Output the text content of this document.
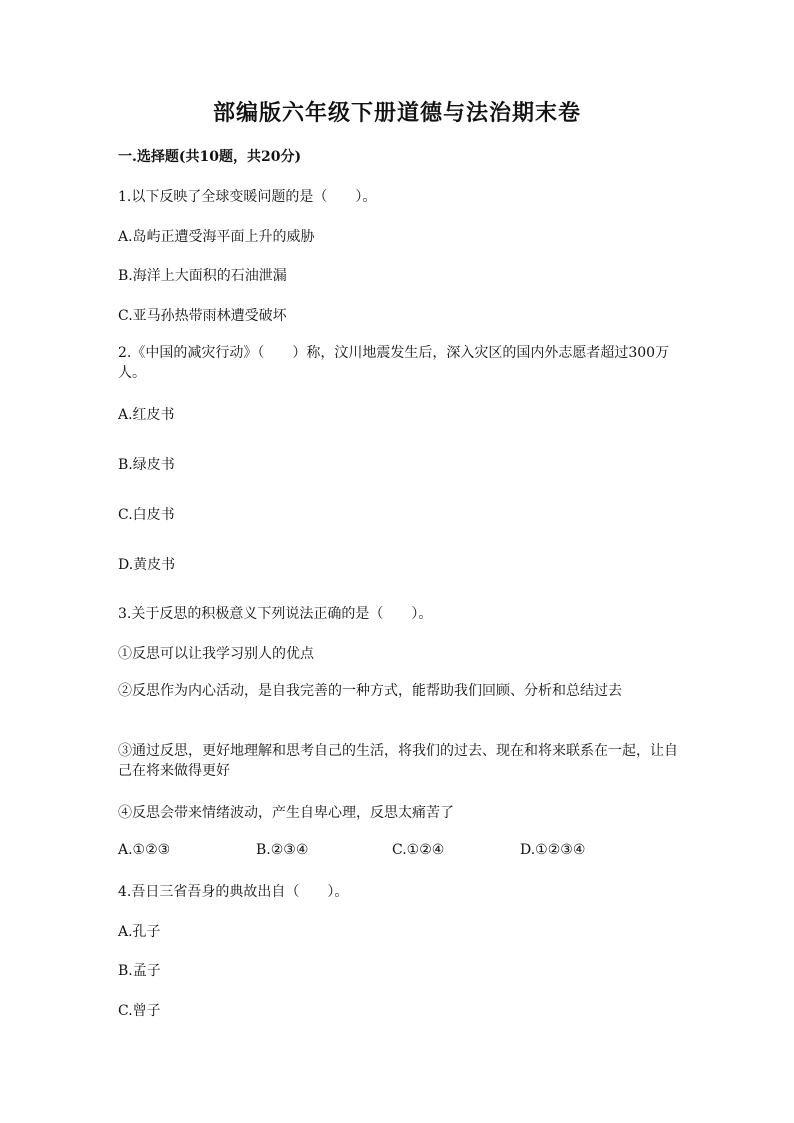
部编版六年级下册道德与法治期末卷
一.选择题(共10题，共20分)
1.以下反映了全球变暖问题的是（　　）。
A.岛屿正遭受海平面上升的威胁
B.海洋上大面积的石油泄漏
C.亚马孙热带雨林遭受破坏
2.《中国的减灾行动》（　　）称，汶川地震发生后，深入灾区的国内外志愿者超过300万人。
A.红皮书
B.绿皮书
C.白皮书
D.黄皮书
3.关于反思的积极意义下列说法正确的是（　　）。
①反思可以让我学习别人的优点
②反思作为内心活动，是自我完善的一种方式，能帮助我们回顾、分析和总结过去
③通过反思，更好地理解和思考自己的生活，将我们的过去、现在和将来联系在一起，让自己在将来做得更好
④反思会带来情绪波动，产生自卑心理，反思太痛苦了
A.①②③	B.②③④	C.①②④	D.①②③④
4.吾日三省吾身的典故出自（　　）。
A.孔子
B.孟子
C.曾子
